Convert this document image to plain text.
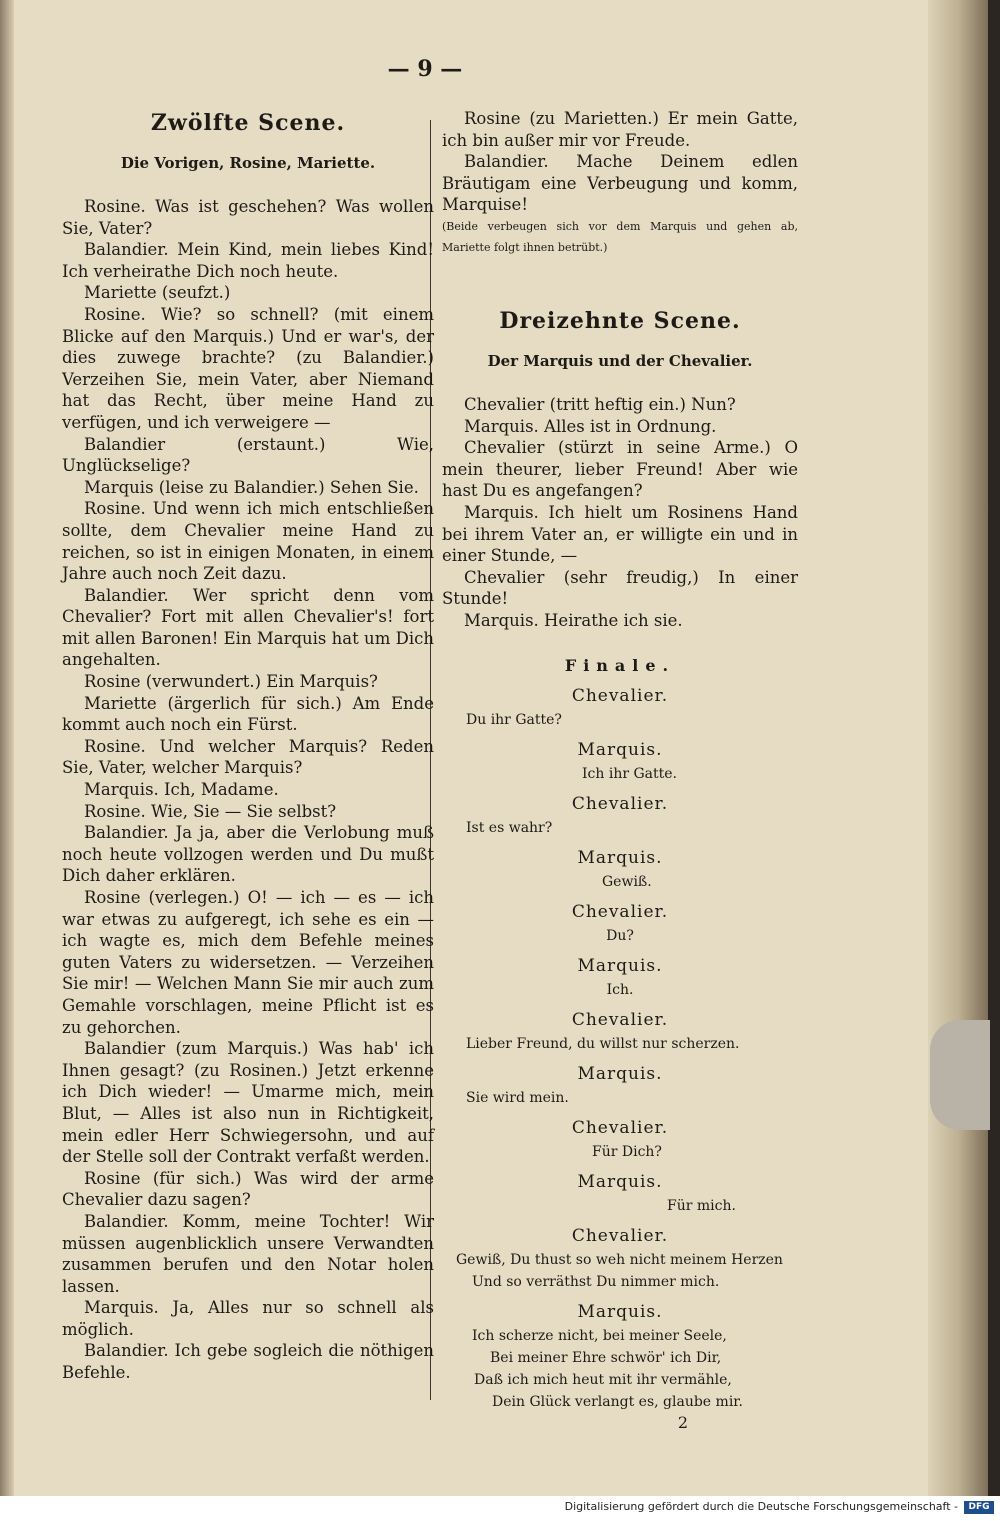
— 9 —
Zwölfte Scene.
Die Vorigen, Rosine, Mariette.

Rosine. Was ist geschehen? Was wollen Sie, Vater?

Balandier. Mein Kind, mein liebes Kind! Ich verheirathe Dich noch heute.

Mariette (seufzt.)

Rosine. Wie? so schnell? (mit einem Blicke auf den Marquis.) Und er war's, der dies zuwege brachte? (zu Balandier.) Verzeihen Sie, mein Vater, aber Niemand hat das Recht, über meine Hand zu verfügen, und ich verweigere —

Balandier (erstaunt.) Wie, Unglückselige?

Marquis (leise zu Balandier.) Sehen Sie.

Rosine. Und wenn ich mich entschließen sollte, dem Chevalier meine Hand zu reichen, so ist in einigen Monaten, in einem Jahre auch noch Zeit dazu.

Balandier. Wer spricht denn vom Chevalier? Fort mit allen Chevalier's! fort mit allen Baronen! Ein Marquis hat um Dich angehalten.

Rosine (verwundert.) Ein Marquis?

Mariette (ärgerlich für sich.) Am Ende kommt auch noch ein Fürst.

Rosine. Und welcher Marquis? Reden Sie, Vater, welcher Marquis?

Marquis. Ich, Madame.

Rosine. Wie, Sie — Sie selbst?

Balandier. Ja ja, aber die Verlobung muß noch heute vollzogen werden und Du mußt Dich daher erklären.

Rosine (verlegen.) O! — ich — es — ich war etwas zu aufgeregt, ich sehe es ein — ich wagte es, mich dem Befehle meines guten Vaters zu widersetzen. — Verzeihen Sie mir! — Welchen Mann Sie mir auch zum Gemahle vorschlagen, meine Pflicht ist es zu gehorchen.

Balandier (zum Marquis.) Was hab' ich Ihnen gesagt? (zu Rosinen.) Jetzt erkenne ich Dich wieder! — Umarme mich, mein Blut, — Alles ist also nun in Richtigkeit, mein edler Herr Schwiegersohn, und auf der Stelle soll der Contrakt verfaßt werden.

Rosine (für sich.) Was wird der arme Chevalier dazu sagen?

Balandier. Komm, meine Tochter! Wir müssen augenblicklich unsere Verwandten zusammen berufen und den Notar holen lassen.

Marquis. Ja, Alles nur so schnell als möglich.

Balandier. Ich gebe sogleich die nöthigen Befehle.

Rosine (zu Marietten.) Er mein Gatte, ich bin außer mir vor Freude.

Balandier. Mache Deinem edlen Bräutigam eine Verbeugung und komm, Marquise!

(Beide verbeugen sich vor dem Marquis und gehen ab, Mariette folgt ihnen betrübt.)

Dreizehnte Scene.
Der Marquis und der Chevalier.

Chevalier (tritt heftig ein.) Nun?

Marquis. Alles ist in Ordnung.

Chevalier (stürzt in seine Arme.) O mein theurer, lieber Freund! Aber wie hast Du es angefangen?

Marquis. Ich hielt um Rosinens Hand bei ihrem Vater an, er willigte ein und in einer Stunde, —

Chevalier (sehr freudig,) In einer Stunde!

Marquis. Heirathe ich sie.

Finale.
Chevalier.

Du ihr Gatte?

Marquis.

Ich ihr Gatte.

Chevalier.

Ist es wahr?

Marquis.

Gewiß.

Chevalier.

Du?

Marquis.

Ich.

Chevalier.

Lieber Freund, du willst nur scherzen.

Marquis.

Sie wird mein.

Chevalier.

Für Dich?

Marquis.

Für mich.

Chevalier.

Gewiß, Du thust so weh nicht meinem Herzen

Und so verräthst Du nimmer mich.

Marquis.

Ich scherze nicht, bei meiner Seele,

Bei meiner Ehre schwör' ich Dir,

Daß ich mich heut mit ihr vermähle,

Dein Glück verlangt es, glaube mir.

2

Digitalisierung gefördert durch die Deutsche Forschungsgemeinschaft -	DFG
